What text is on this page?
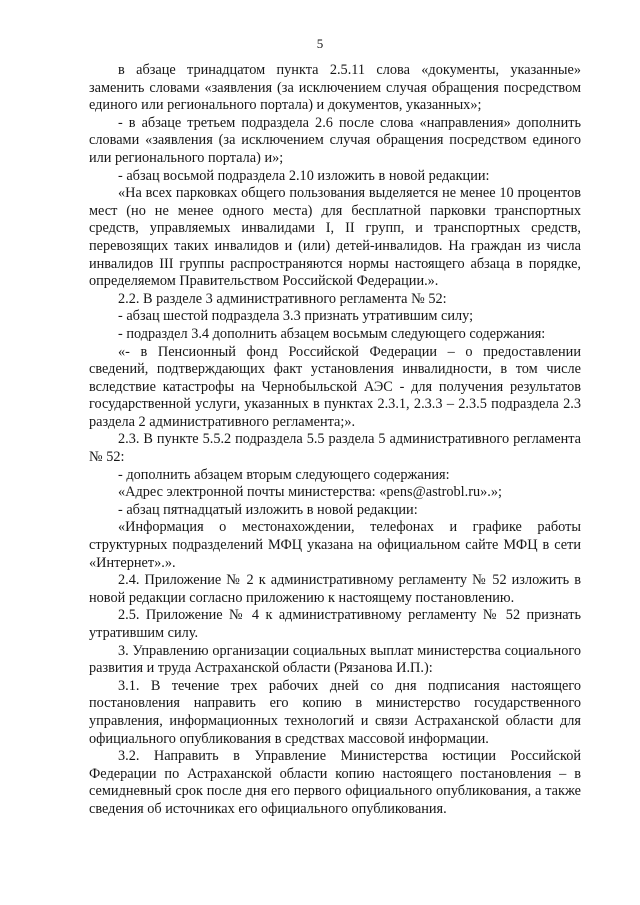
5

в абзаце тринадцатом пункта 2.5.11 слова «документы, указанные» заменить словами «заявления (за исключением случая обращения посредством единого или регионального портала) и документов, указанных»;

- в абзаце третьем подраздела 2.6 после слова «направления» дополнить словами «заявления (за исключением случая обращения посредством единого или регионального портала) и»;

- абзац восьмой подраздела 2.10 изложить в новой редакции:

«На всех парковках общего пользования выделяется не менее 10 процентов мест (но не менее одного места) для бесплатной парковки транспортных средств, управляемых инвалидами I, II групп, и транспортных средств, перевозящих таких инвалидов и (или) детей-инвалидов. На граждан из числа инвалидов III группы распространяются нормы настоящего абзаца в порядке, определяемом Правительством Российской Федерации.».

2.2. В разделе 3 административного регламента № 52:

- абзац шестой подраздела 3.3 признать утратившим силу;

- подраздел 3.4 дополнить абзацем восьмым следующего содержания:

«- в Пенсионный фонд Российской Федерации – о предоставлении сведений, подтверждающих факт установления инвалидности, в том числе вследствие катастрофы на Чернобыльской АЭС - для получения результатов государственной услуги, указанных в пунктах 2.3.1, 2.3.3 – 2.3.5 подраздела 2.3 раздела 2 административного регламента;».

2.3. В пункте 5.5.2 подраздела 5.5 раздела 5 административного регламента № 52:

- дополнить абзацем вторым следующего содержания:

«Адрес электронной почты министерства: «pens@astrobl.ru».»;

- абзац пятнадцатый изложить в новой редакции:

«Информация о местонахождении, телефонах и графике работы структурных подразделений МФЦ указана на официальном сайте МФЦ в сети «Интернет».».

2.4. Приложение № 2 к административному регламенту № 52 изложить в новой редакции согласно приложению к настоящему постановлению.

2.5. Приложение № 4 к административному регламенту № 52 признать утратившим силу.

3. Управлению организации социальных выплат министерства социального развития и труда Астраханской области (Рязанова И.П.):

3.1. В течение трех рабочих дней со дня подписания настоящего постановления направить его копию в министерство государственного управления, информационных технологий и связи Астраханской области для официального опубликования в средствах массовой информации.

3.2. Направить в Управление Министерства юстиции Российской Федерации по Астраханской области копию настоящего постановления – в семидневный срок после дня его первого официального опубликования, а также сведения об источниках его официального опубликования.
